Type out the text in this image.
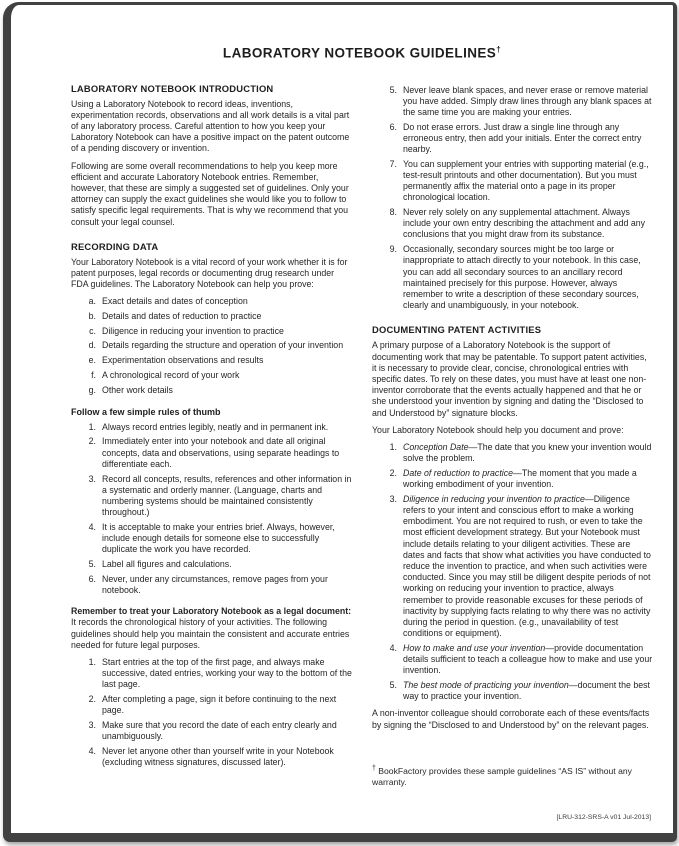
LABORATORY NOTEBOOK GUIDELINES†
LABORATORY NOTEBOOK INTRODUCTION
Using a Laboratory Notebook to record ideas, inventions, experimentation records, observations and all work details is a vital part of any laboratory process. Careful attention to how you keep your Laboratory Notebook can have a positive impact on the patent outcome of a pending discovery or invention.
Following are some overall recommendations to help you keep more efficient and accurate Laboratory Notebook entries. Remember, however, that these are simply a suggested set of guidelines. Only your attorney can supply the exact guidelines she would like you to follow to satisfy specific legal requirements. That is why we recommend that you consult your legal counsel.
RECORDING DATA
Your Laboratory Notebook is a vital record of your work whether it is for patent purposes, legal records or documenting drug research under FDA guidelines. The Laboratory Notebook can help you prove:
a. Exact details and dates of conception
b. Details and dates of reduction to practice
c. Diligence in reducing your invention to practice
d. Details regarding the structure and operation of your invention
e. Experimentation observations and results
f. A chronological record of your work
g. Other work details
Follow a few simple rules of thumb
1. Always record entries legibly, neatly and in permanent ink.
2. Immediately enter into your notebook and date all original concepts, data and observations, using separate headings to differentiate each.
3. Record all concepts, results, references and other information in a systematic and orderly manner. (Language, charts and numbering systems should be maintained consistently throughout.)
4. It is acceptable to make your entries brief. Always, however, include enough details for someone else to successfully duplicate the work you have recorded.
5. Label all figures and calculations.
6. Never, under any circumstances, remove pages from your notebook.
Remember to treat your Laboratory Notebook as a legal document: It records the chronological history of your activities. The following guidelines should help you maintain the consistent and accurate entries needed for future legal purposes.
1. Start entries at the top of the first page, and always make successive, dated entries, working your way to the bottom of the last page.
2. After completing a page, sign it before continuing to the next page.
3. Make sure that you record the date of each entry clearly and unambiguously.
4. Never let anyone other than yourself write in your Notebook (excluding witness signatures, discussed later).
5. Never leave blank spaces, and never erase or remove material you have added. Simply draw lines through any blank spaces at the same time you are making your entries.
6. Do not erase errors. Just draw a single line through any erroneous entry, then add your initials. Enter the correct entry nearby.
7. You can supplement your entries with supporting material (e.g., test-result printouts and other documentation). But you must permanently affix the material onto a page in its proper chronological location.
8. Never rely solely on any supplemental attachment. Always include your own entry describing the attachment and add any conclusions that you might draw from its substance.
9. Occasionally, secondary sources might be too large or inappropriate to attach directly to your notebook. In this case, you can add all secondary sources to an ancillary record maintained precisely for this purpose. However, always remember to write a description of these secondary sources, clearly and unambiguously, in your notebook.
DOCUMENTING PATENT ACTIVITIES
A primary purpose of a Laboratory Notebook is the support of documenting work that may be patentable. To support patent activities, it is necessary to provide clear, concise, chronological entries with specific dates. To rely on these dates, you must have at least one non-inventor corroborate that the events actually happened and that he or she understood your invention by signing and dating the “Disclosed to and Understood by” signature blocks.
Your Laboratory Notebook should help you document and prove:
1. Conception Date—The date that you knew your invention would solve the problem.
2. Date of reduction to practice—The moment that you made a working embodiment of your invention.
3. Diligence in reducing your invention to practice—Diligence refers to your intent and conscious effort to make a working embodiment. You are not required to rush, or even to take the most efficient development strategy. But your Notebook must include details relating to your diligent activities. These are dates and facts that show what activities you have conducted to reduce the invention to practice, and when such activities were conducted. Since you may still be diligent despite periods of not working on reducing your invention to practice, always remember to provide reasonable excuses for these periods of inactivity by supplying facts relating to why there was no activity during the period in question. (e.g., unavailability of test conditions or equipment).
4. How to make and use your invention—provide documentation details sufficient to teach a colleague how to make and use your invention.
5. The best mode of practicing your invention—document the best way to practice your invention.
A non-inventor colleague should corroborate each of these events/facts by signing the “Disclosed to and Understood by” on the relevant pages.
† BookFactory provides these sample guidelines “AS IS” without any warranty.
[LRU-312-SRS-A v01 Jul-2013]
